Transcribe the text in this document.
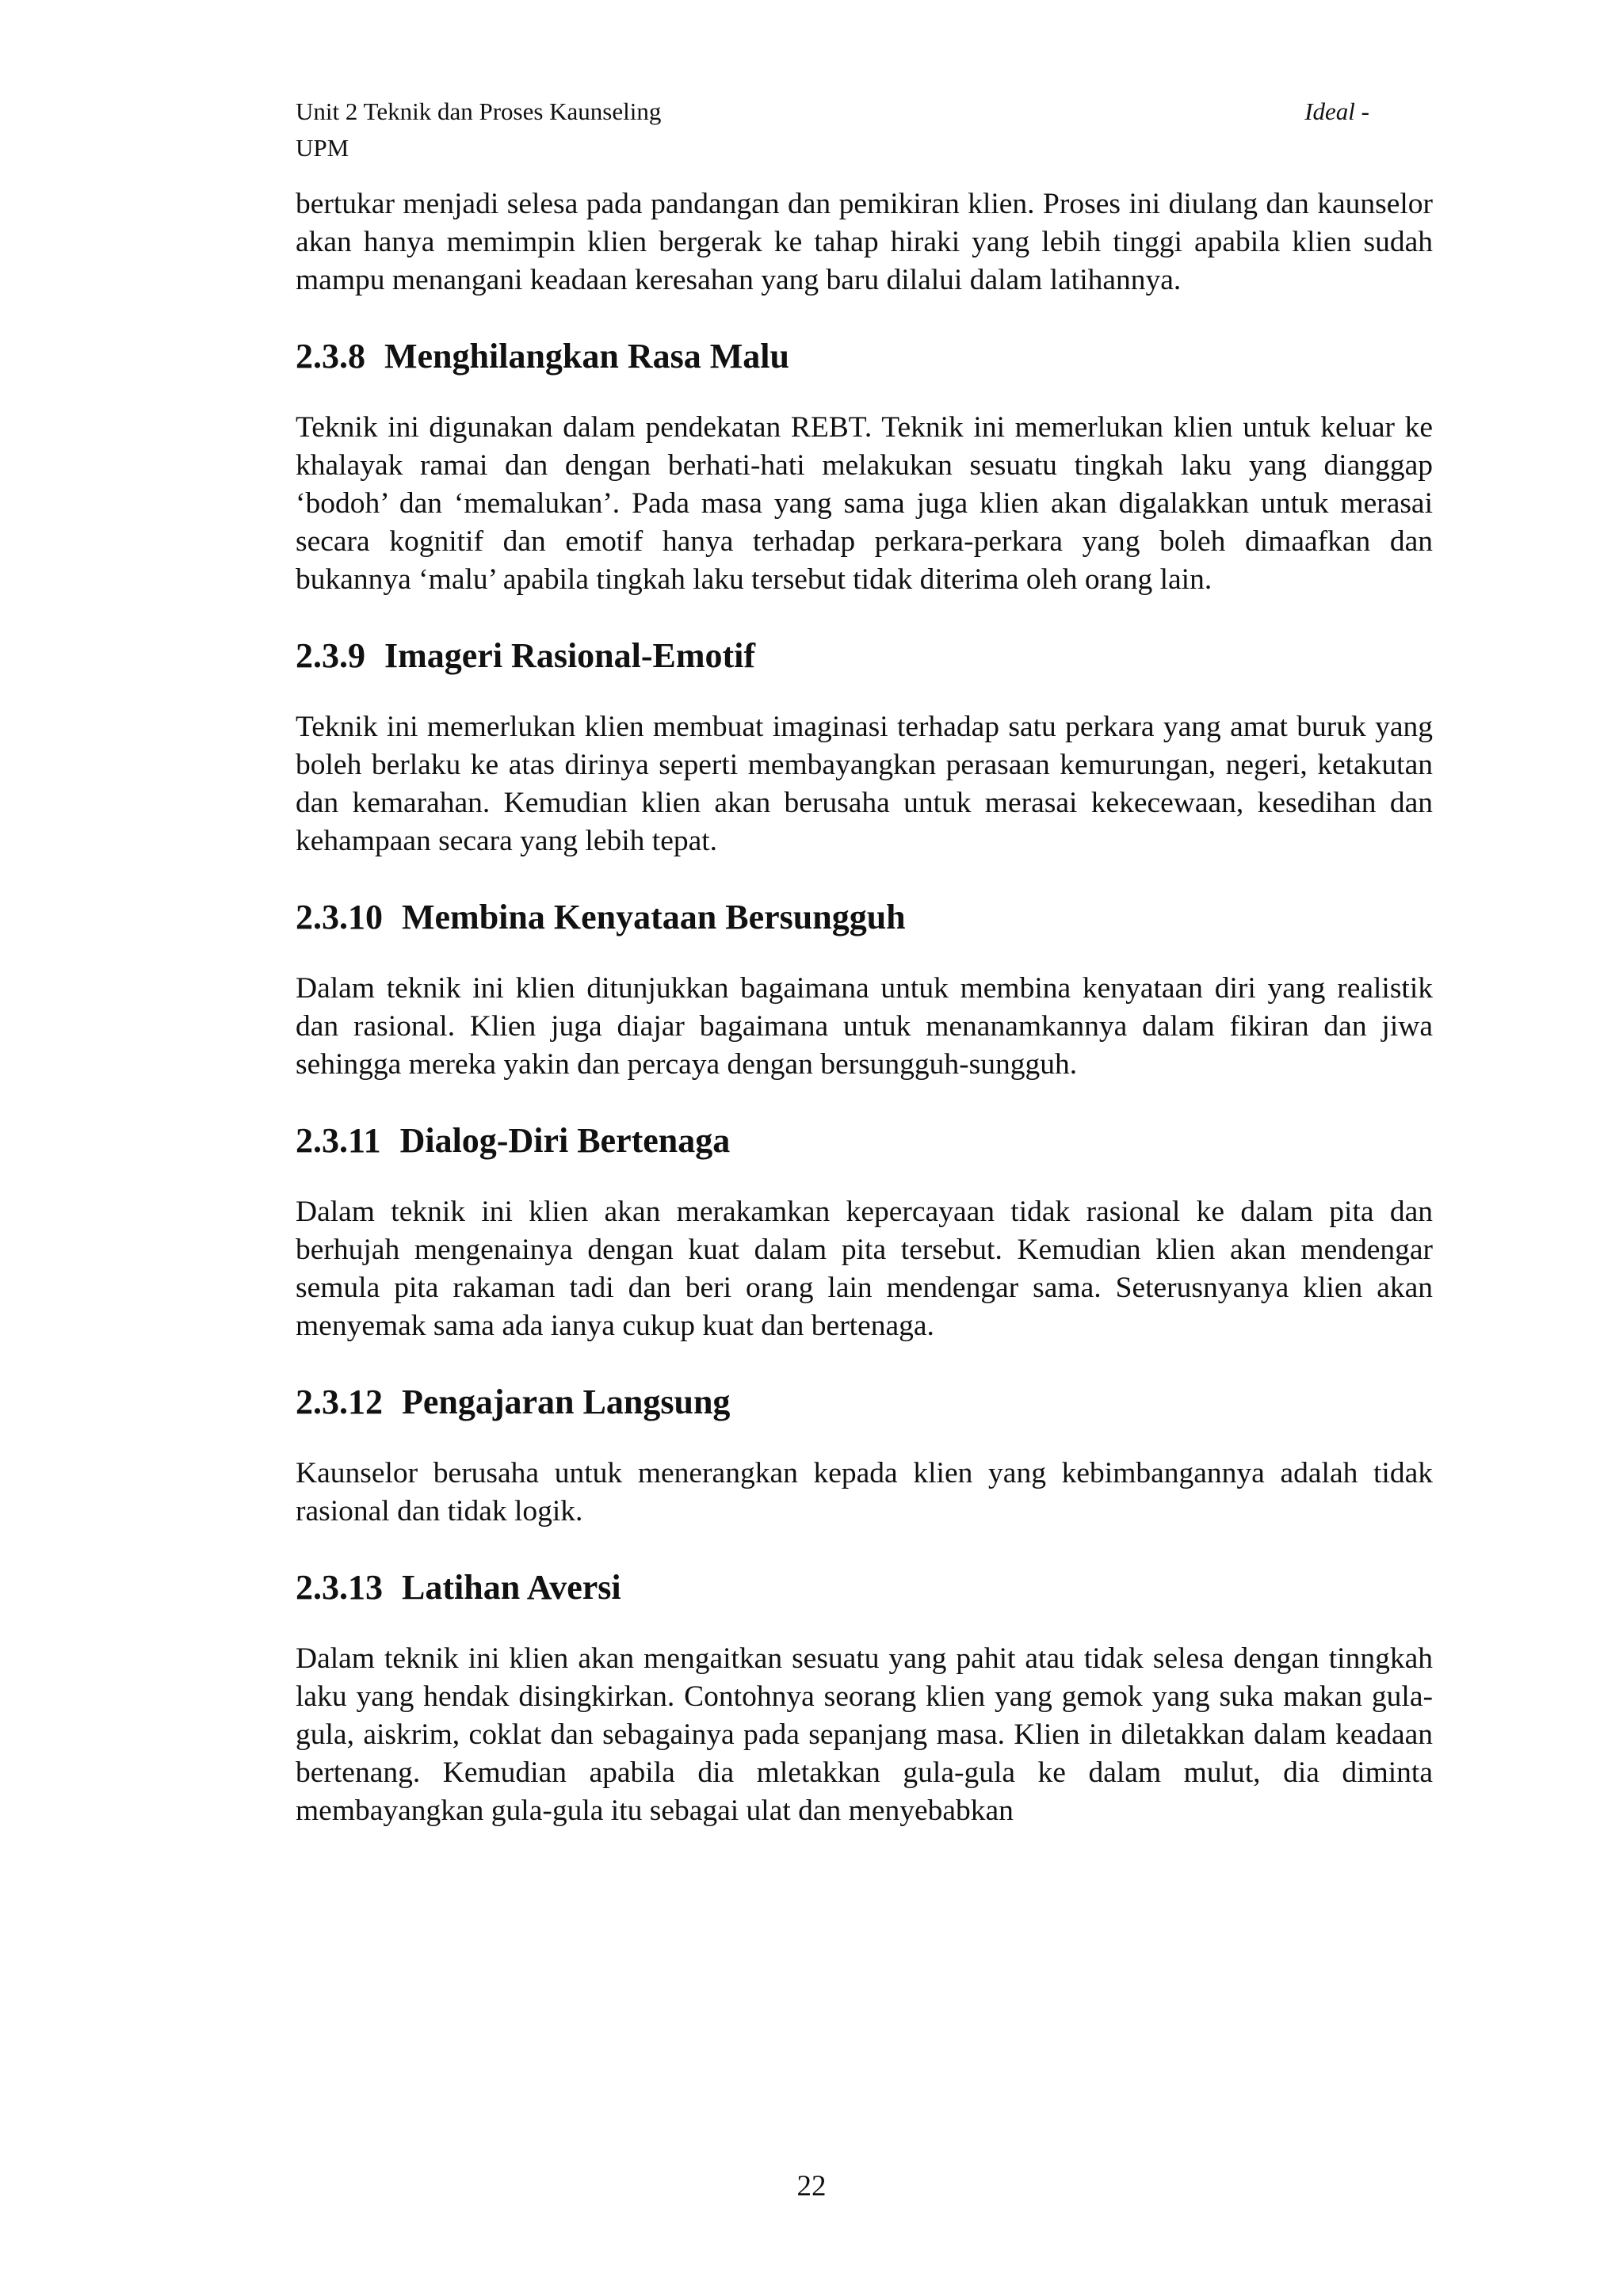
Unit 2 Teknik dan Proses Kaunseling
UPM
Ideal -

bertukar menjadi selesa pada pandangan dan pemikiran klien. Proses ini diulang dan kaunselor akan hanya memimpin klien bergerak ke tahap hiraki yang lebih tinggi apabila klien sudah mampu menangani keadaan keresahan yang baru dilalui dalam latihannya.

2.3.8 Menghilangkan Rasa Malu

Teknik ini digunakan dalam pendekatan REBT. Teknik ini memerlukan klien untuk keluar ke khalayak ramai dan dengan berhati-hati melakukan sesuatu tingkah laku yang dianggap ‘bodoh’ dan ‘memalukan’. Pada masa yang sama juga klien akan digalakkan untuk merasai secara kognitif dan emotif hanya terhadap perkara-perkara yang boleh dimaafkan dan bukannya ‘malu’ apabila tingkah laku tersebut tidak diterima oleh orang lain.

2.3.9 Imageri Rasional-Emotif

Teknik ini memerlukan klien membuat imaginasi terhadap satu perkara yang amat buruk yang boleh berlaku ke atas dirinya seperti membayangkan perasaan kemurungan, negeri, ketakutan dan kemarahan. Kemudian klien akan berusaha untuk merasai kekecewaan, kesedihan dan kehampaan secara yang lebih tepat.

2.3.10 Membina Kenyataan Bersungguh

Dalam teknik ini klien ditunjukkan bagaimana untuk membina kenyataan diri yang realistik dan rasional. Klien juga diajar bagaimana untuk menanamkannya dalam fikiran dan jiwa sehingga mereka yakin dan percaya dengan bersungguh-sungguh.

2.3.11 Dialog-Diri Bertenaga

Dalam teknik ini klien akan merakamkan kepercayaan tidak rasional ke dalam pita dan berhujah mengenainya dengan kuat dalam pita tersebut. Kemudian klien akan mendengar semula pita rakaman tadi dan beri orang lain mendengar sama. Seterusnyanya klien akan menyemak sama ada ianya cukup kuat dan bertenaga.

2.3.12 Pengajaran Langsung

Kaunselor berusaha untuk menerangkan kepada klien yang kebimbangannya adalah tidak rasional dan tidak logik.

2.3.13 Latihan Aversi

Dalam teknik ini klien akan mengaitkan sesuatu yang pahit atau tidak selesa dengan tinngkah laku yang hendak disingkirkan. Contohnya seorang klien yang gemok yang suka makan gula-gula, aiskrim, coklat dan sebagainya pada sepanjang masa. Klien in diletakkan dalam keadaan bertenang. Kemudian apabila dia mletakkan gula-gula ke dalam mulut, dia diminta membayangkan gula-gula itu sebagai ulat dan menyebabkan

22
